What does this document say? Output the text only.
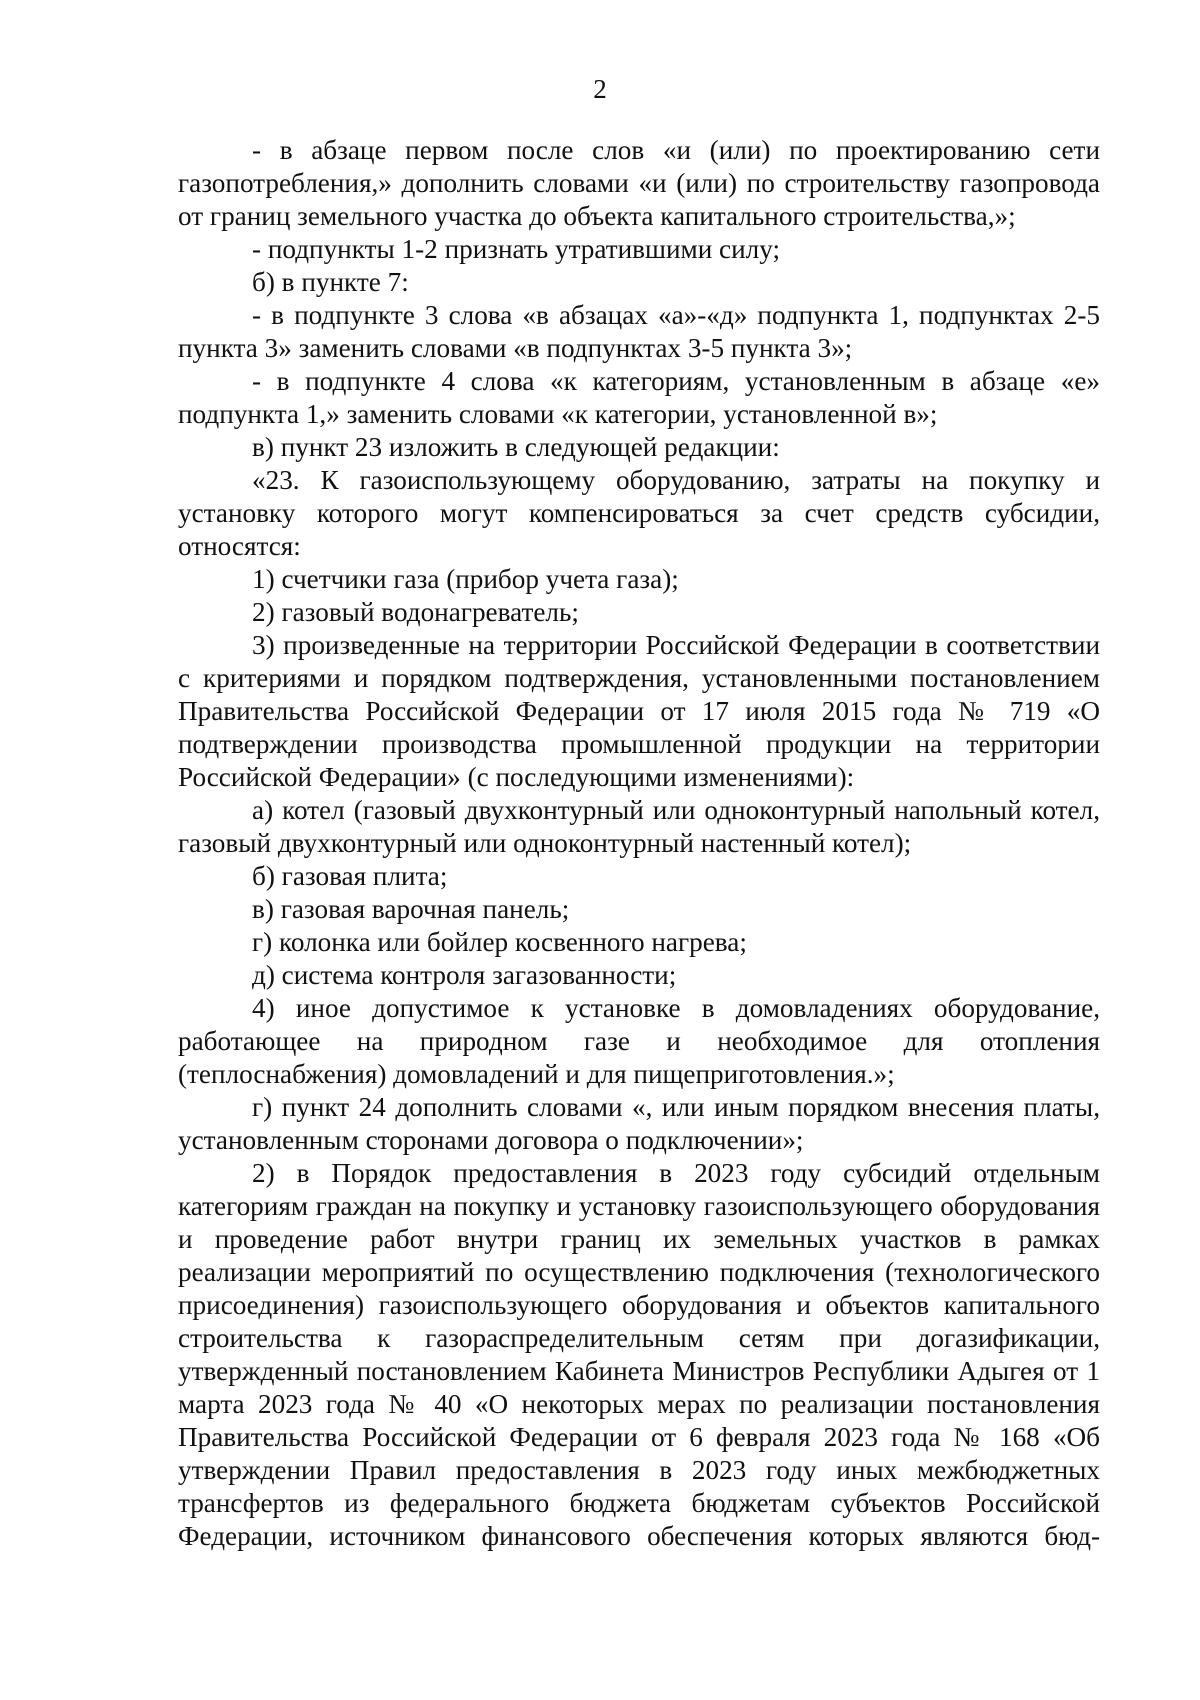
2

- в абзаце первом после слов «и (или) по проектированию сети газопотребления,» дополнить словами «и (или) по строительству газопровода от границ земельного участка до объекта капитального строительства,»;

- подпункты 1-2 признать утратившими силу;

б) в пункте 7:

- в подпункте 3 слова «в абзацах «а»-«д» подпункта 1, подпунктах 2-5 пункта 3» заменить словами «в подпунктах 3-5 пункта 3»;

- в подпункте 4 слова «к категориям, установленным в абзаце «е» подпункта 1,» заменить словами «к категории, установленной в»;

в) пункт 23 изложить в следующей редакции:

«23. К газоиспользующему оборудованию, затраты на покупку и установку которого могут компенсироваться за счет средств субсидии, относятся:

1) счетчики газа (прибор учета газа);

2) газовый водонагреватель;

3) произведенные на территории Российской Федерации в соответствии с критериями и порядком подтверждения, установленными постановлением Правительства Российской Федерации от 17 июля 2015 года № 719 «О подтверждении производства промышленной продукции на территории Российской Федерации» (с последующими изменениями):

а) котел (газовый двухконтурный или одноконтурный напольный котел, газовый двухконтурный или одноконтурный настенный котел);

б) газовая плита;

в) газовая варочная панель;

г) колонка или бойлер косвенного нагрева;

д) система контроля загазованности;

4) иное допустимое к установке в домовладениях оборудование, работающее на природном газе и необходимое для отопления (теплоснабжения) домовладений и для пищеприготовления.»;

г) пункт 24 дополнить словами «, или иным порядком внесения платы, установленным сторонами договора о подключении»;

2) в Порядок предоставления в 2023 году субсидий отдельным категориям граждан на покупку и установку газоиспользующего оборудования и проведение работ внутри границ их земельных участков в рамках реализации мероприятий по осуществлению подключения (технологического присоединения) газоиспользующего оборудования и объектов капитального строительства к газораспределительным сетям при догазификации, утвержденный постановлением Кабинета Министров Республики Адыгея от 1 марта 2023 года № 40 «О некоторых мерах по реализации постановления Правительства Российской Федерации от 6 февраля 2023 года № 168 «Об утверждении Правил предоставления в 2023 году иных межбюджетных трансфертов из федерального бюджета бюджетам субъектов Российской Федерации, источником финансового обеспечения которых являются бюд-
